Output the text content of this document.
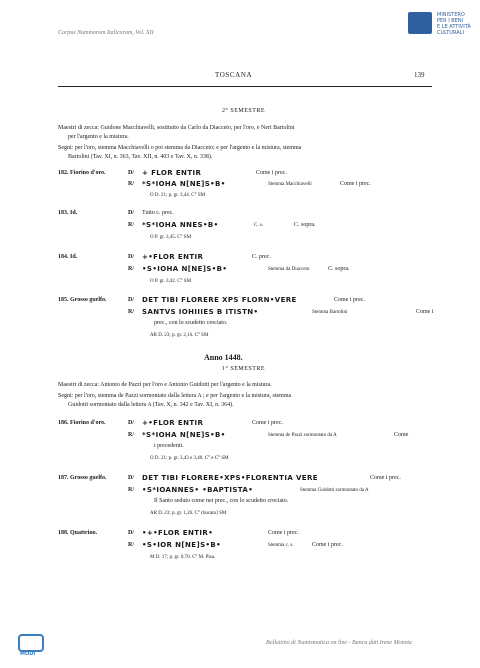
Corpus Nummorum Italicorum, Vol. XII
MINISTERO
PER I BENI
E LE ATTIVITÀ
CULTURALI
TOSCANA	139
2° SEMESTRE
Maestri di zecca: Guidone Macchiavelli, sostituito da Carlo da Diacceto, per l'oro, e Neri Bartolini
per l'argento e la mistura.
Segni: per l'oro, stemma Macchiavelli o poi stemma da Diacceto; e per l'argento e la mistura, stemma
Bartolini (Tav. XI, n. 363, Tav. XII, n. 403 e Tav. X, n. 338).
182. Fiorino d'oro.	D/ + FLOR ENTIR	Come i prec.
R/ *S*IOHA N[NE]S•B•	Stemma Macchiavelli	Come i prec.
O D. 21; p. gr. 3,44. C° SM
183. Id.	D/ Tutto c. prec.
R/ *S*IOHA NNES•B•	C. s.	C. sopra.
O P. gr. 3,45. C° SM
184. Id.	D/ +•FLOR ENTIR	C. prec.
R/ •S•IOHA N[NE]S•B•	Stemma da Diacceto	C. sopra.
O P. gr. 3,42. C° SM
185. Grosso guelfo.	D/ DET TIBI FLORERE XPS FLORN•VERE	Come i prec.
R/ SANTVS IOHIIIES B ITISTN•	Stemma Bartolini	Come i
prec., con lo scudetto crociato.
AR D. 23; p. gr. 2,16. C° SM
Anno 1448.
1° SEMESTRE
Maestri di zecca: Antonio de Pazzi per l'oro e Antonio Guidotti per l'argento e la mistura.
Segni: per l'oro, stemma de Pazzi sormontato dalla lettera A ; e per l'argento e la mistura, stemma
Guidotti sormontato dalla lettera A (Tav. X, n. 342 e Tav. XI, n. 364).
186. Fiorino d'oro.	D/ +•FLOR ENTIR	Come i prec.
R/ *S*IOHA N[NE]S•B•	Stemma de Pazzi sormontato da A	Come
i precedenti.
O D. 21; p. gr. 3,43 e 3,40. C° e C° SM
187. Grosso guelfo.	D/ DET TIBI FLORERE•XPS•FLORENTIA VERE	Come i prec.
R/ •S*IOANNES• •BAPTISTA•	Stemma Guidotti sormontato da A
Il Santo seduto come nei prec., con lo scudetto crociato.
AR D. 23; p. gr. 1,26. C° (bucato) SM
188. Quattrino.	D/ •+•FLOR ENTIR•	Come i prec.
R/ •S•IOR N[NE]S•B•	Stemma c. s.	Come i prec.
M D. 17; p. gr. 0,70. C° M. Pisa.
MODÌ
Bollettino di Numismatica on line - Banca dati Irene Moneta
